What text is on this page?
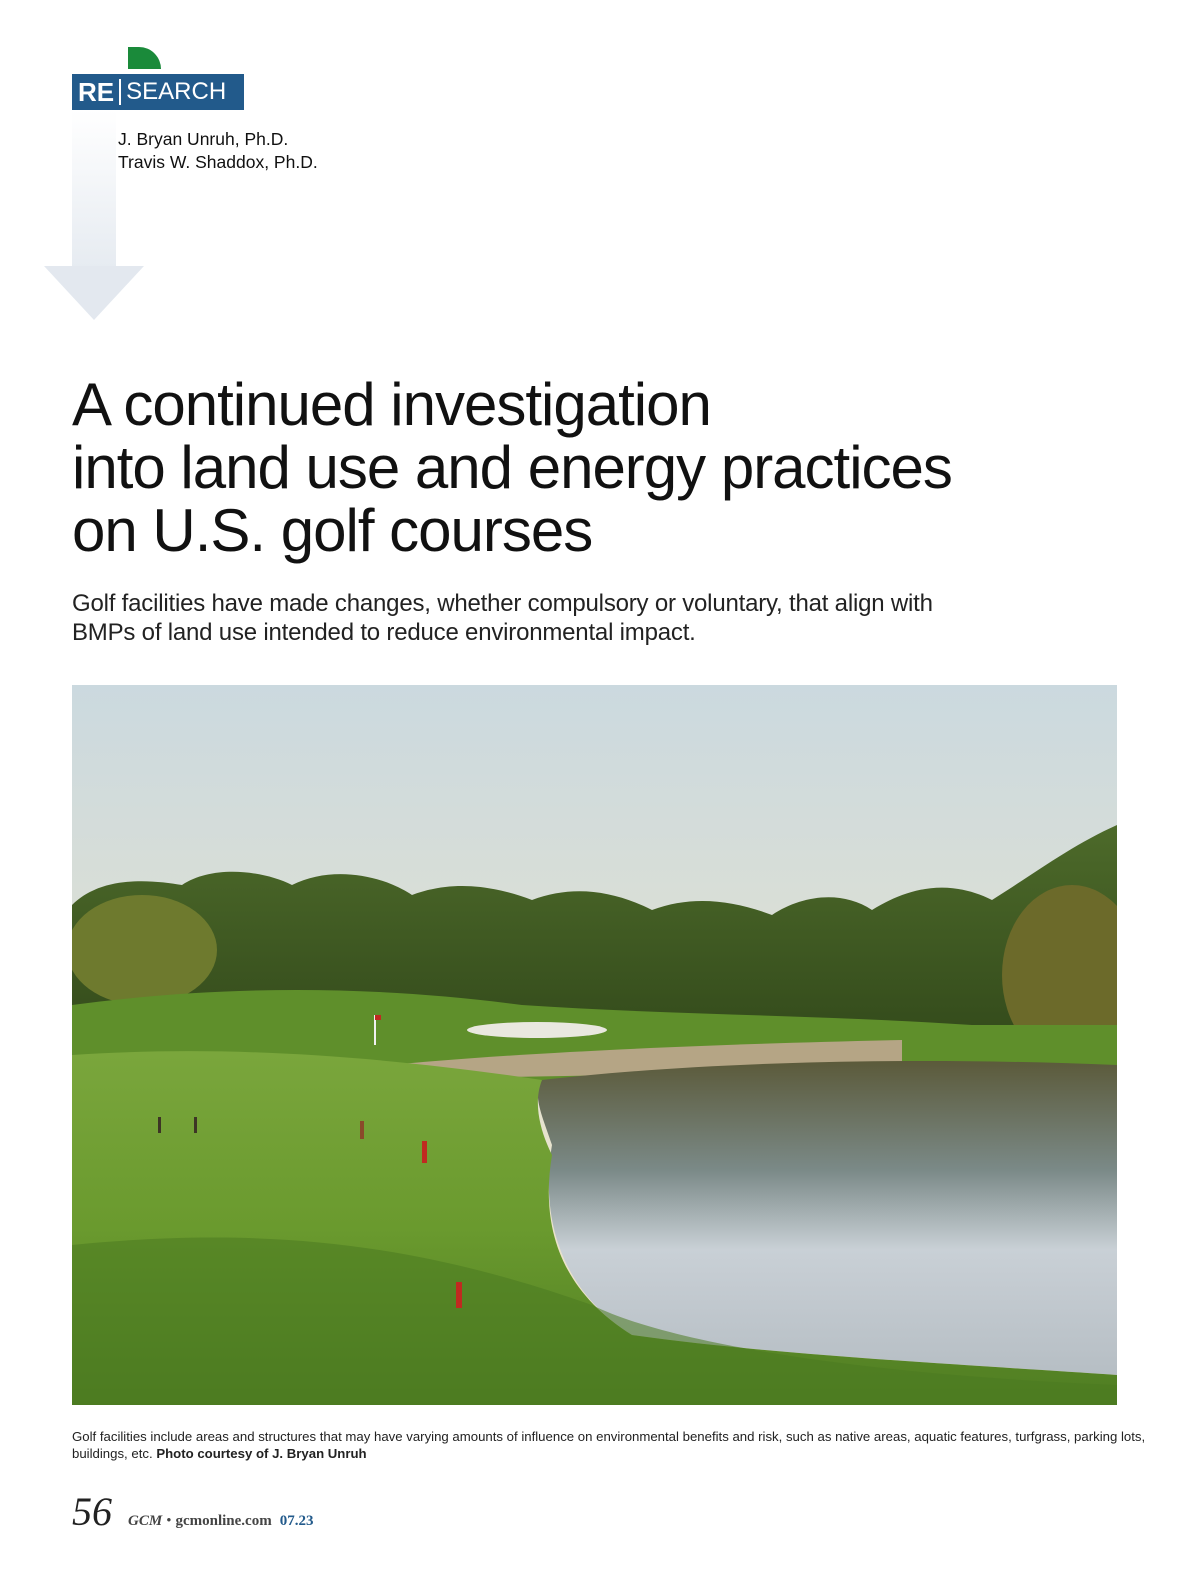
RE SEARCH
J. Bryan Unruh, Ph.D.
Travis W. Shaddox, Ph.D.
A continued investigation
into land use and energy practices
on U.S. golf courses
Golf facilities have made changes, whether compulsory or voluntary, that align with
BMPs of land use intended to reduce environmental impact.
Golf facilities include areas and structures that may have varying amounts of influence on environmental benefits and risk, such as native areas, aquatic features, turfgrass, parking lots,
buildings, etc. Photo courtesy of J. Bryan Unruh
56 GCM • gcmonline.com 07.23
